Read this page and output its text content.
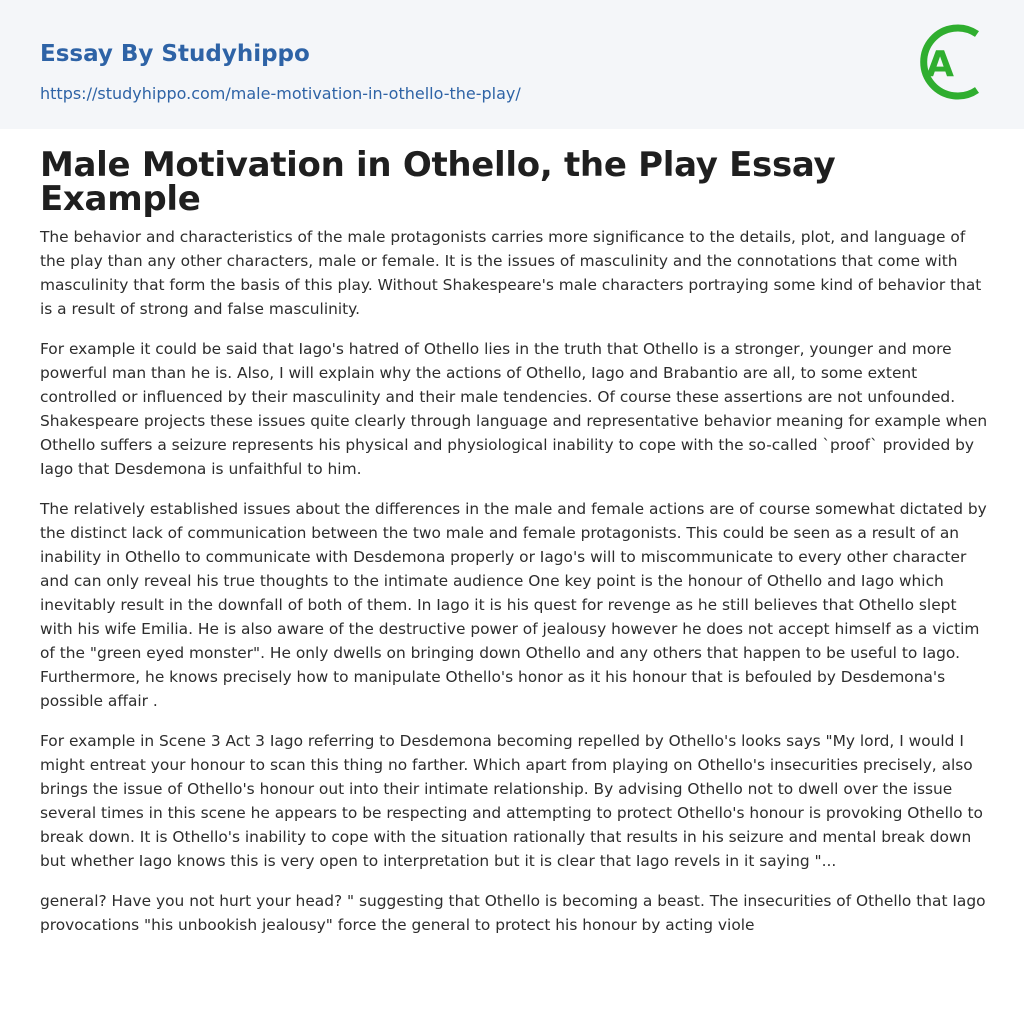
Essay By Studyhippo
https://studyhippo.com/male-motivation-in-othello-the-play/
A
Male Motivation in Othello, the Play Essay Example

The behavior and characteristics of the male protagonists carries more significance to the details, plot, and language of the play than any other characters, male or female. It is the issues of masculinity and the connotations that come with masculinity that form the basis of this play. Without Shakespeare's male characters portraying some kind of behavior that is a result of strong and false masculinity.

For example it could be said that Iago's hatred of Othello lies in the truth that Othello is a stronger, younger and more powerful man than he is. Also, I will explain why the actions of Othello, Iago and Brabantio are all, to some extent controlled or influenced by their masculinity and their male tendencies. Of course these assertions are not unfounded. Shakespeare projects these issues quite clearly through language and representative behavior meaning for example when Othello suffers a seizure represents his physical and physiological inability to cope with the so-called `proof` provided by Iago that Desdemona is unfaithful to him.

The relatively established issues about the differences in the male and female actions are of course somewhat dictated by the distinct lack of communication between the two male and female protagonists. This could be seen as a result of an inability in Othello to communicate with Desdemona properly or Iago's will to miscommunicate to every other character and can only reveal his true thoughts to the intimate audience One key point is the honour of Othello and Iago which inevitably result in the downfall of both of them. In Iago it is his quest for revenge as he still believes that Othello slept with his wife Emilia. He is also aware of the destructive power of jealousy however he does not accept himself as a victim of the "green eyed monster". He only dwells on bringing down Othello and any others that happen to be useful to Iago. Furthermore, he knows precisely how to manipulate Othello's honor as it his honour that is befouled by Desdemona's possible affair .

For example in Scene 3 Act 3 Iago referring to Desdemona becoming repelled by Othello's looks says "My lord, I would I might entreat your honour to scan this thing no farther. Which apart from playing on Othello's insecurities precisely, also brings the issue of Othello's honour out into their intimate relationship. By advising Othello not to dwell over the issue several times in this scene he appears to be respecting and attempting to protect Othello's honour is provoking Othello to break down. It is Othello's inability to cope with the situation rationally that results in his seizure and mental break down but whether Iago knows this is very open to interpretation but it is clear that Iago revels in it saying "...

general? Have you not hurt your head? " suggesting that Othello is becoming a beast. The insecurities of Othello that Iago provocations "his unbookish jealousy" force the general to protect his honour by acting viole
